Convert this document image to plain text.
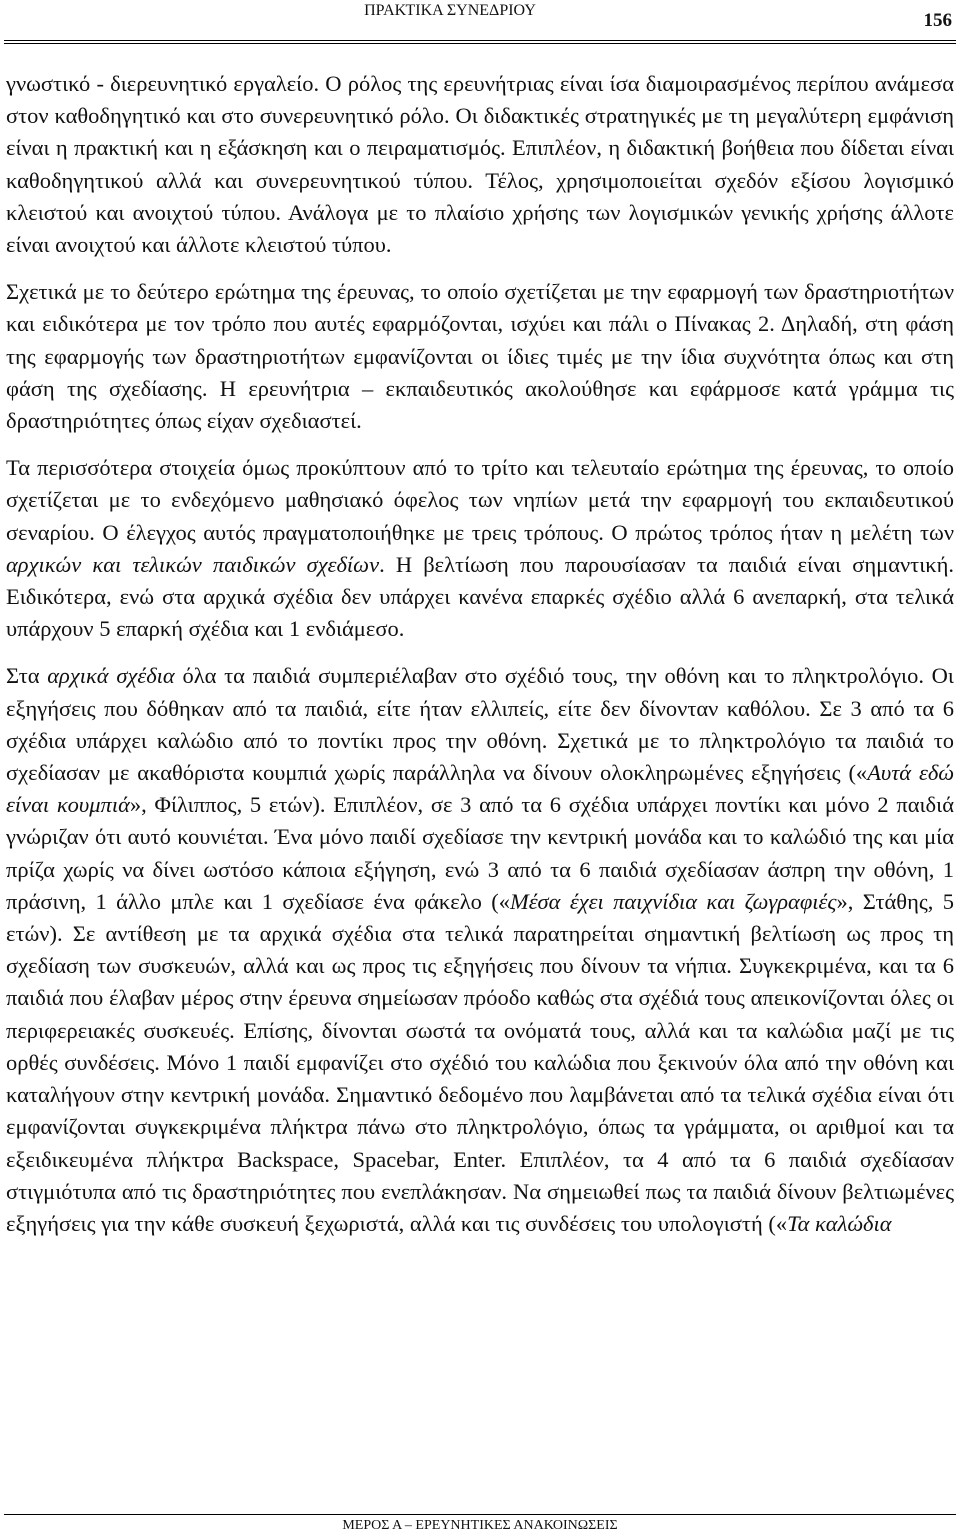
ΠΡΑΚΤΙΚΑ ΣΥΝΕΔΡΙΟΥ	156

γνωστικό - διερευνητικό εργαλείο. Ο ρόλος της ερευνήτριας είναι ίσα διαμοιρασμένος περίπου ανάμεσα στον καθοδηγητικό και στο συνερευνητικό ρόλο. Οι διδακτικές στρατηγικές με τη μεγαλύτερη εμφάνιση είναι η πρακτική και η εξάσκηση και ο πειραματισμός. Επιπλέον, η διδακτική βοήθεια που δίδεται είναι καθοδηγητικού αλλά και συνερευνητικού τύπου. Τέλος, χρησιμοποιείται σχεδόν εξίσου λογισμικό κλειστού και ανοιχτού τύπου. Ανάλογα με το πλαίσιο χρήσης των λογισμικών γενικής χρήσης άλλοτε είναι ανοιχτού και άλλοτε κλειστού τύπου.

Σχετικά με το δεύτερο ερώτημα της έρευνας, το οποίο σχετίζεται με την εφαρμογή των δραστηριοτήτων και ειδικότερα με τον τρόπο που αυτές εφαρμόζονται, ισχύει και πάλι ο Πίνακας 2. Δηλαδή, στη φάση της εφαρμογής των δραστηριοτήτων εμφανίζονται οι ίδιες τιμές με την ίδια συχνότητα όπως και στη φάση της σχεδίασης. Η ερευνήτρια – εκπαιδευτικός ακολούθησε και εφάρμοσε κατά γράμμα τις δραστηριότητες όπως είχαν σχεδιαστεί.

Τα περισσότερα στοιχεία όμως προκύπτουν από το τρίτο και τελευταίο ερώτημα της έρευνας, το οποίο σχετίζεται με το ενδεχόμενο μαθησιακό όφελος των νηπίων μετά την εφαρμογή του εκπαιδευτικού σεναρίου. Ο έλεγχος αυτός πραγματοποιήθηκε με τρεις τρόπους. Ο πρώτος τρόπος ήταν η μελέτη των αρχικών και τελικών παιδικών σχεδίων. Η βελτίωση που παρουσίασαν τα παιδιά είναι σημαντική. Ειδικότερα, ενώ στα αρχικά σχέδια δεν υπάρχει κανένα επαρκές σχέδιο αλλά 6 ανεπαρκή, στα τελικά υπάρχουν 5 επαρκή σχέδια και 1 ενδιάμεσο.

Στα αρχικά σχέδια όλα τα παιδιά συμπεριέλαβαν στο σχέδιό τους, την οθόνη και το πληκτρολόγιο. Οι εξηγήσεις που δόθηκαν από τα παιδιά, είτε ήταν ελλιπείς, είτε δεν δίνονταν καθόλου. Σε 3 από τα 6 σχέδια υπάρχει καλώδιο από το ποντίκι προς την οθόνη. Σχετικά με το πληκτρολόγιο τα παιδιά το σχεδίασαν με ακαθόριστα κουμπιά χωρίς παράλληλα να δίνουν ολοκληρωμένες εξηγήσεις («Αυτά εδώ είναι κουμπιά», Φίλιππος, 5 ετών). Επιπλέον, σε 3 από τα 6 σχέδια υπάρχει ποντίκι και μόνο 2 παιδιά γνώριζαν ότι αυτό κουνιέται. Ένα μόνο παιδί σχεδίασε την κεντρική μονάδα και το καλώδιό της και μία πρίζα χωρίς να δίνει ωστόσο κάποια εξήγηση, ενώ 3 από τα 6 παιδιά σχεδίασαν άσπρη την οθόνη, 1 πράσινη, 1 άλλο μπλε και 1 σχεδίασε ένα φάκελο («Μέσα έχει παιχνίδια και ζωγραφιές», Στάθης, 5 ετών). Σε αντίθεση με τα αρχικά σχέδια στα τελικά παρατηρείται σημαντική βελτίωση ως προς τη σχεδίαση των συσκευών, αλλά και ως προς τις εξηγήσεις που δίνουν τα νήπια. Συγκεκριμένα, και τα 6 παιδιά που έλαβαν μέρος στην έρευνα σημείωσαν πρόοδο καθώς στα σχέδιά τους απεικονίζονται όλες οι περιφερειακές συσκευές. Επίσης, δίνονται σωστά τα ονόματά τους, αλλά και τα καλώδια μαζί με τις ορθές συνδέσεις. Μόνο 1 παιδί εμφανίζει στο σχέδιό του καλώδια που ξεκινούν όλα από την οθόνη και καταλήγουν στην κεντρική μονάδα. Σημαντικό δεδομένο που λαμβάνεται από τα τελικά σχέδια είναι ότι εμφανίζονται συγκεκριμένα πλήκτρα πάνω στο πληκτρολόγιο, όπως τα γράμματα, οι αριθμοί και τα εξειδικευμένα πλήκτρα Backspace, Spacebar, Enter. Επιπλέον, τα 4 από τα 6 παιδιά σχεδίασαν στιγμιότυπα από τις δραστηριότητες που ενεπλάκησαν. Να σημειωθεί πως τα παιδιά δίνουν βελτιωμένες εξηγήσεις για την κάθε συσκευή ξεχωριστά, αλλά και τις συνδέσεις του υπολογιστή («Τα καλώδια

ΜΕΡΟΣ Α – ΕΡΕΥΝΗΤΙΚΕΣ ΑΝΑΚΟΙΝΩΣΕΙΣ
